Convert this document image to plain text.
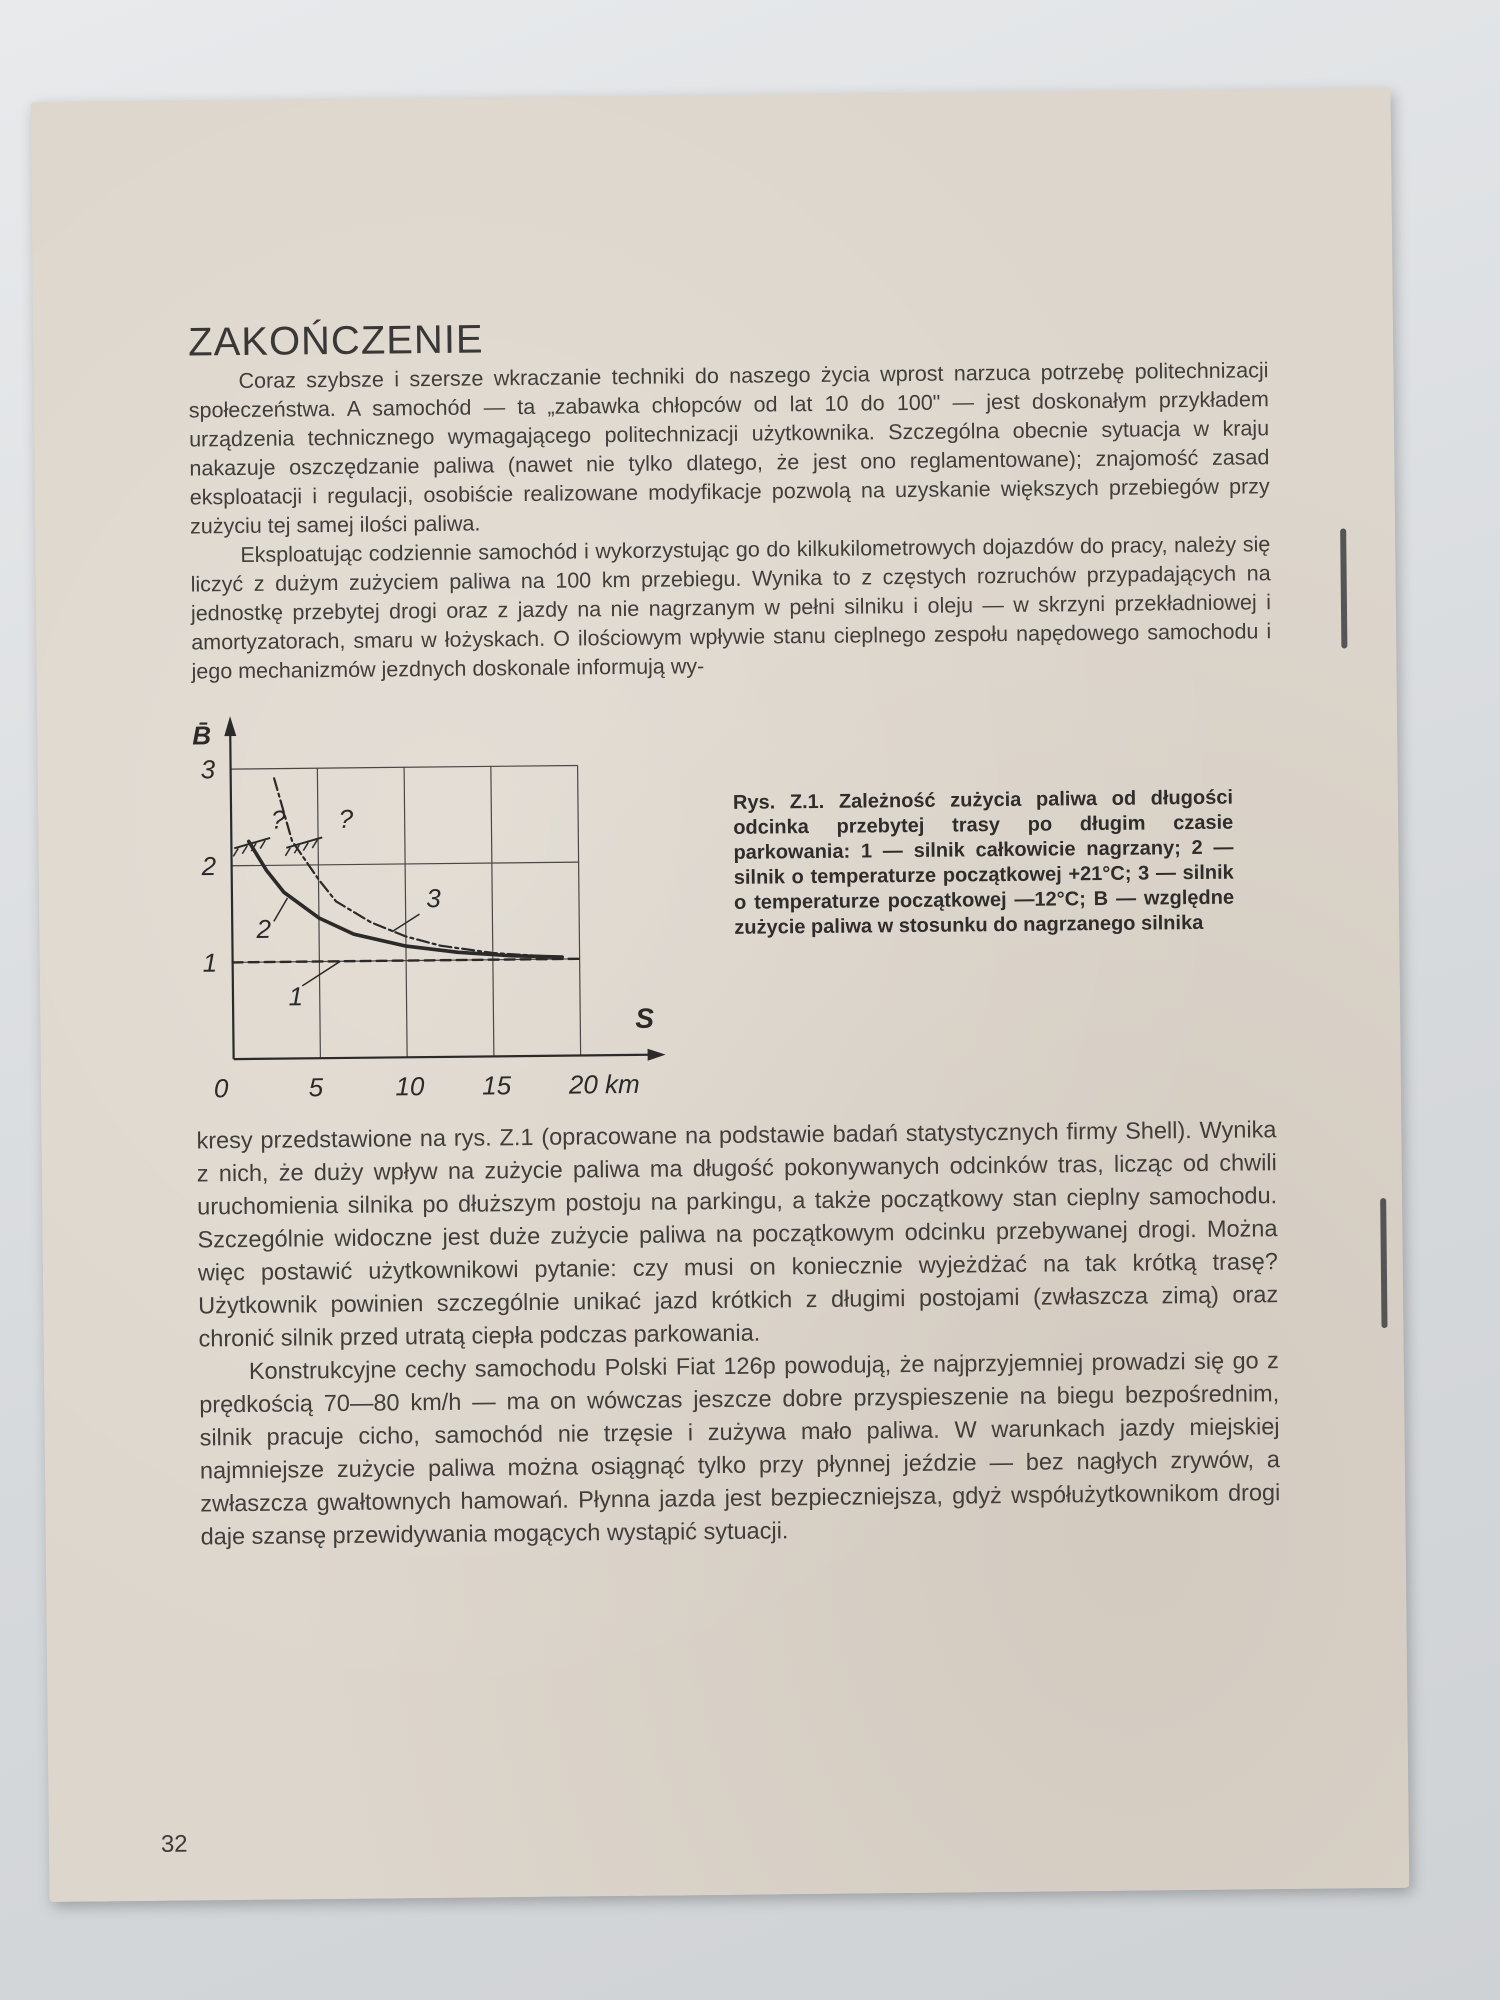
ZAKOŃCZENIE

Coraz szybsze i szersze wkraczanie techniki do naszego życia wprost narzuca potrzebę politechnizacji społeczeństwa. A samochód — ta „zabawka chłopców od lat 10 do 100" — jest doskonałym przykładem urządzenia technicznego wymagającego politechnizacji użytkownika. Szczególna obecnie sytuacja w kraju nakazuje oszczędzanie paliwa (nawet nie tylko dlatego, że jest ono reglamentowane); znajomość zasad eksploatacji i regulacji, osobiście realizowane modyfikacje pozwolą na uzyskanie większych przebiegów przy zużyciu tej samej ilości paliwa.

Eksploatując codziennie samochód i wykorzystując go do kilkukilometrowych dojazdów do pracy, należy się liczyć z dużym zużyciem paliwa na 100 km przebiegu. Wynika to z częstych rozruchów przypadających na jednostkę przebytej drogi oraz z jazdy na nie nagrzanym w pełni silniku i oleju — w skrzyni przekładniowej i amortyzatorach, smaru w łożyskach. O ilościowym wpływie stanu cieplnego zespołu napędowego samochodu i jego mechanizmów jezdnych doskonale informują wy-

B̄
S
0	5	10 15 20 km
1
2
3
1
2
3
? ?
Rys. Z.1. Zależność zużycia paliwa od długości odcinka przebytej trasy po długim czasie parkowania: 1 — silnik całkowicie nagrzany; 2 — silnik o temperaturze początkowej +21°C; 3 — silnik o temperaturze początkowej —12°C; B — względne zużycie paliwa w stosunku do nagrzanego silnika

kresy przedstawione na rys. Z.1 (opracowane na podstawie badań statystycznych firmy Shell). Wynika z nich, że duży wpływ na zużycie paliwa ma długość pokonywanych odcinków tras, licząc od chwili uruchomienia silnika po dłuższym postoju na parkingu, a także początkowy stan cieplny samochodu. Szczególnie widoczne jest duże zużycie paliwa na początkowym odcinku przebywanej drogi. Można więc postawić użytkownikowi pytanie: czy musi on koniecznie wyjeżdżać na tak krótką trasę? Użytkownik powinien szczególnie unikać jazd krótkich z długimi postojami (zwłaszcza zimą) oraz chronić silnik przed utratą ciepła podczas parkowania.

Konstrukcyjne cechy samochodu Polski Fiat 126p powodują, że najprzyjemniej prowadzi się go z prędkością 70—80 km/h — ma on wówczas jeszcze dobre przyspieszenie na biegu bezpośrednim, silnik pracuje cicho, samochód nie trzęsie i zużywa mało paliwa. W warunkach jazdy miejskiej najmniejsze zużycie paliwa można osiągnąć tylko przy płynnej jeździe — bez nagłych zrywów, a zwłaszcza gwałtownych hamowań. Płynna jazda jest bezpieczniejsza, gdyż współużytkownikom drogi daje szansę przewidywania mogących wystąpić sytuacji.

32
